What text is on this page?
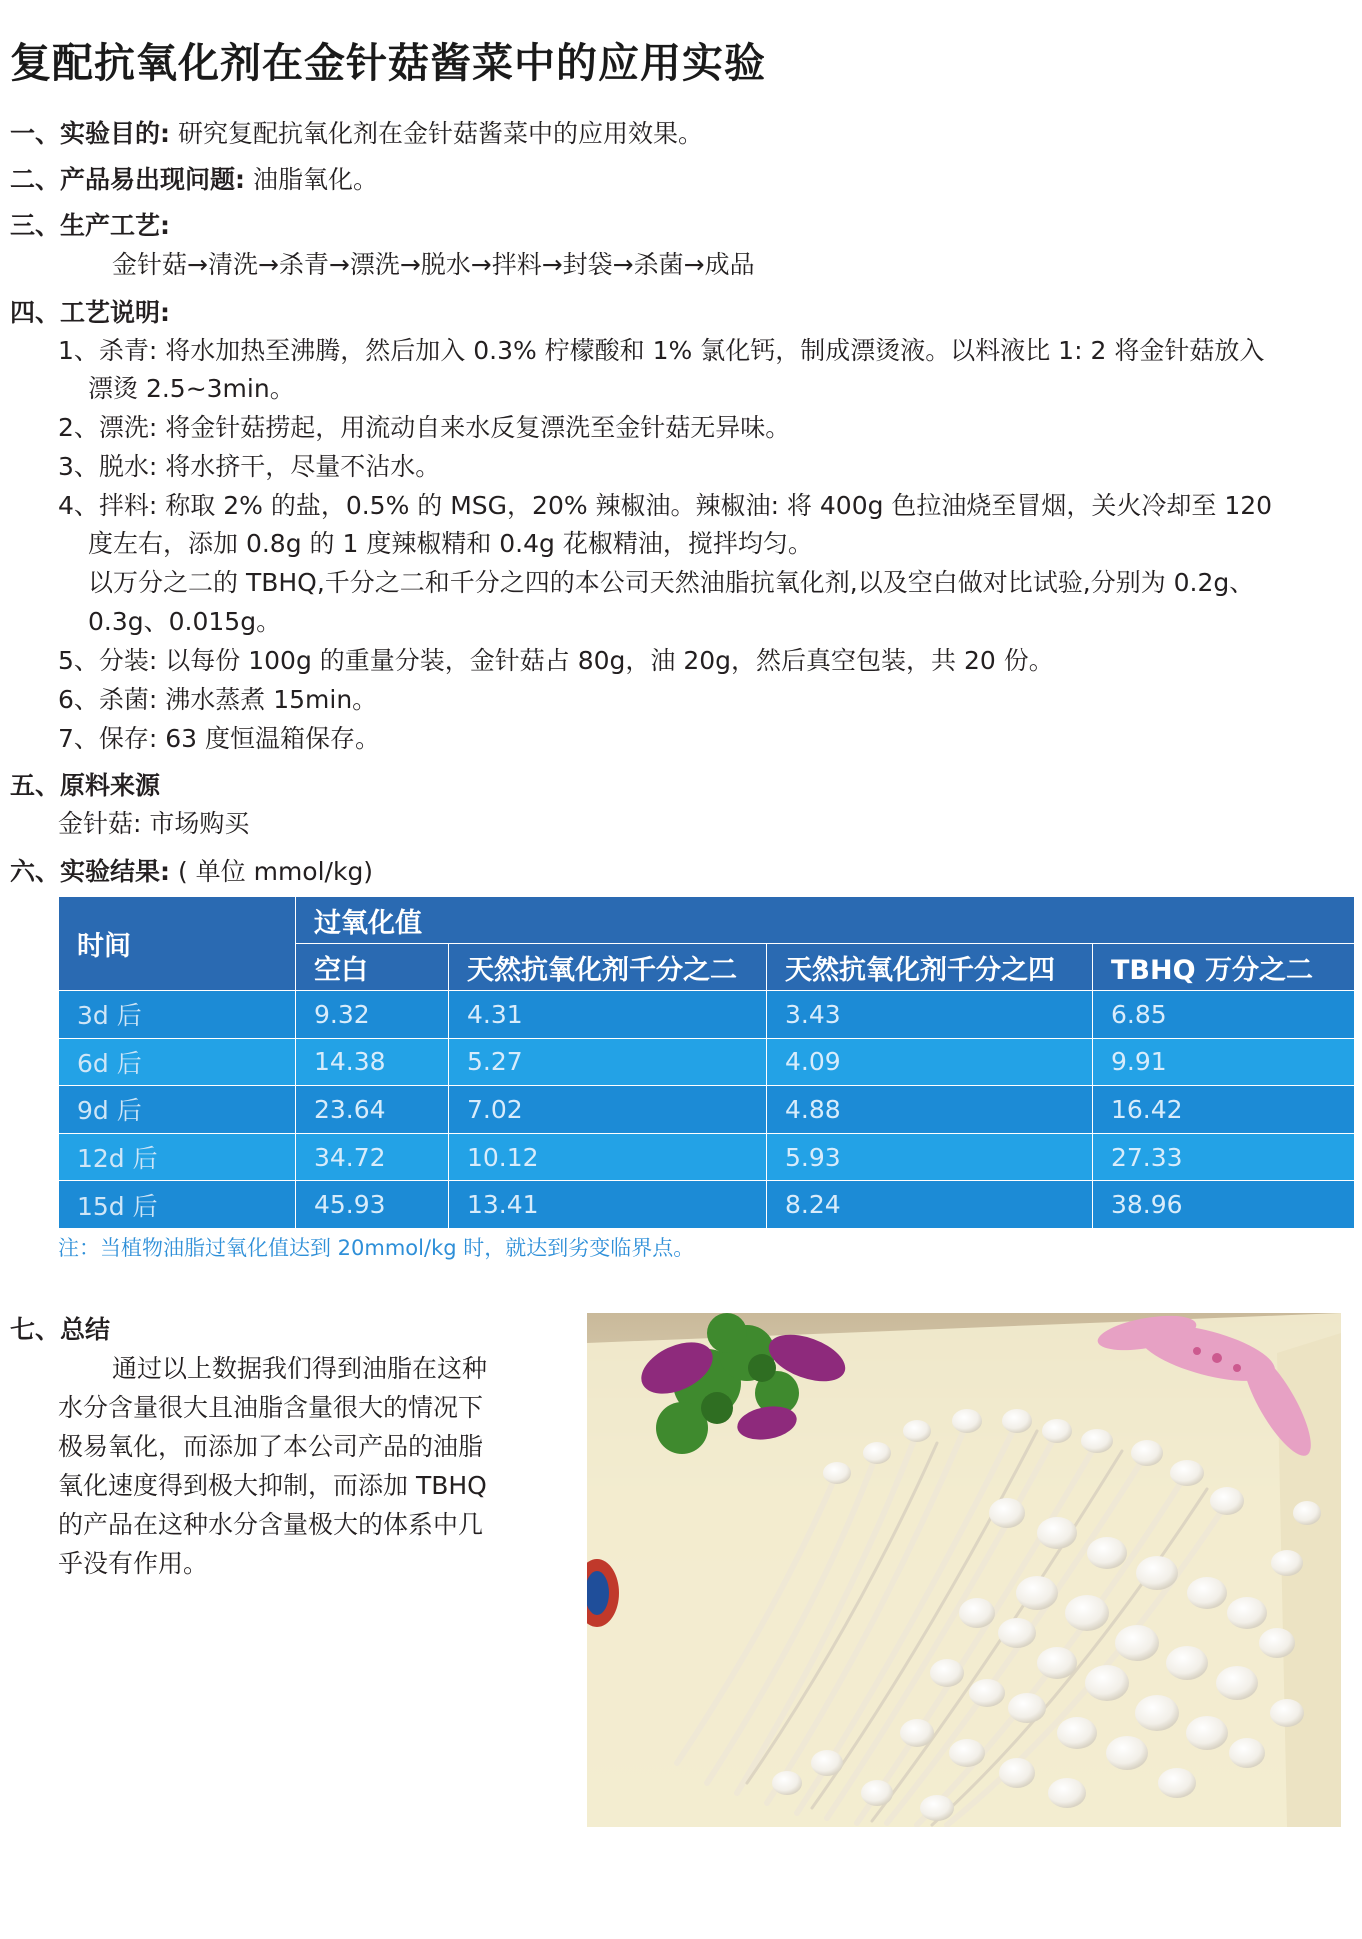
复配抗氧化剂在金针菇酱菜中的应用实验
一、实验目的: 研究复配抗氧化剂在金针菇酱菜中的应用效果。
二、产品易出现问题: 油脂氧化。
三、生产工艺:
金针菇→清洗→杀青→漂洗→脱水→拌料→封袋→杀菌→成品
四、工艺说明:
1、杀青: 将水加热至沸腾，然后加入 0.3% 柠檬酸和 1% 氯化钙，制成漂烫液。以料液比 1: 2 将金针菇放入
漂烫 2.5~3min。
2、漂洗: 将金针菇捞起，用流动自来水反复漂洗至金针菇无异味。
3、脱水: 将水挤干，尽量不沾水。
4、拌料: 称取 2% 的盐，0.5% 的 MSG，20% 辣椒油。辣椒油: 将 400g 色拉油烧至冒烟，关火冷却至 120
度左右，添加 0.8g 的 1 度辣椒精和 0.4g 花椒精油，搅拌均匀。
以万分之二的 TBHQ,千分之二和千分之四的本公司天然油脂抗氧化剂,以及空白做对比试验,分别为 0.2g、
0.3g、0.015g。
5、分装: 以每份 100g 的重量分装，金针菇占 80g，油 20g，然后真空包装，共 20 份。
6、杀菌: 沸水蒸煮 15min。
7、保存: 63 度恒温箱保存。
五、原料来源
金针菇: 市场购买
六、实验结果: ( 单位 mmol/kg)
时间	过氧化值			
	空白	天然抗氧化剂千分之二	天然抗氧化剂千分之四	TBHQ 万分之二
3d 后	9.32	4.31	3.43	6.85
6d 后	14.38	5.27	4.09	9.91
9d 后	23.64	7.02	4.88	16.42
12d 后	34.72	10.12	5.93	27.33
15d 后	45.93	13.41	8.24	38.96
注：当植物油脂过氧化值达到 20mmol/kg 时，就达到劣变临界点。
七、总结
通过以上数据我们得到油脂在这种
水分含量很大且油脂含量很大的情况下
极易氧化，而添加了本公司产品的油脂
氧化速度得到极大抑制，而添加 TBHQ
的产品在这种水分含量极大的体系中几
乎没有作用。
